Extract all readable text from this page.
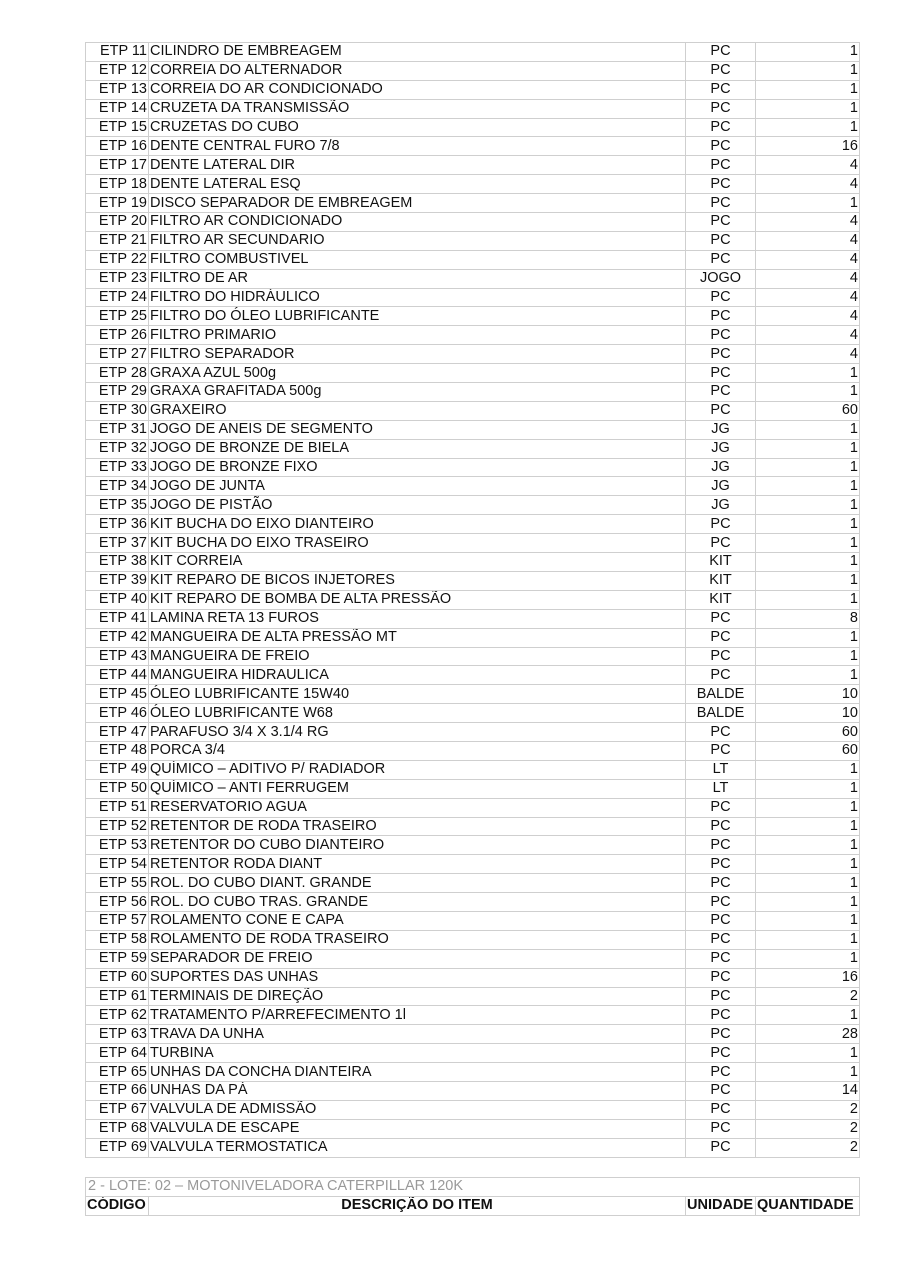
ETP 11	CILINDRO DE EMBREAGEM	PC	1
ETP 12	CORREIA DO ALTERNADOR	PC	1
ETP 13	CORREIA DO AR CONDICIONADO	PC	1
ETP 14	CRUZETA DA TRANSMISSÃO	PC	1
ETP 15	CRUZETAS DO CUBO	PC	1
ETP 16	DENTE CENTRAL FURO 7/8	PC	16
ETP 17	DENTE LATERAL DIR	PC	4
ETP 18	DENTE LATERAL ESQ	PC	4
ETP 19	DISCO SEPARADOR DE EMBREAGEM	PC	1
ETP 20	FILTRO AR CONDICIONADO	PC	4
ETP 21	FILTRO AR SECUNDARIO	PC	4
ETP 22	FILTRO COMBUSTIVEL	PC	4
ETP 23	FILTRO DE AR	JOGO	4
ETP 24	FILTRO DO HIDRÁULICO	PC	4
ETP 25	FILTRO DO ÓLEO LUBRIFICANTE	PC	4
ETP 26	FILTRO PRIMARIO	PC	4
ETP 27	FILTRO SEPARADOR	PC	4
ETP 28	GRAXA AZUL 500g	PC	1
ETP 29	GRAXA GRAFITADA 500g	PC	1
ETP 30	GRAXEIRO	PC	60
ETP 31	JOGO DE ANEIS DE SEGMENTO	JG	1
ETP 32	JOGO DE BRONZE DE BIELA	JG	1
ETP 33	JOGO DE BRONZE FIXO	JG	1
ETP 34	JOGO DE JUNTA	JG	1
ETP 35	JOGO DE PISTÃO	JG	1
ETP 36	KIT BUCHA DO EIXO DIANTEIRO	PC	1
ETP 37	KIT BUCHA DO EIXO TRASEIRO	PC	1
ETP 38	KIT CORREIA	KIT	1
ETP 39	KIT REPARO DE BICOS INJETORES	KIT	1
ETP 40	KIT REPARO DE BOMBA DE ALTA PRESSÃO	KIT	1
ETP 41	LAMINA RETA 13 FUROS	PC	8
ETP 42	MANGUEIRA DE ALTA PRESSÃO MT	PC	1
ETP 43	MANGUEIRA DE FREIO	PC	1
ETP 44	MANGUEIRA HIDRAULICA	PC	1
ETP 45	ÓLEO LUBRIFICANTE 15W40	BALDE	10
ETP 46	ÓLEO LUBRIFICANTE W68	BALDE	10
ETP 47	PARAFUSO 3/4 X 3.1/4 RG	PC	60
ETP 48	PORCA 3/4	PC	60
ETP 49	QUÍMICO – ADITIVO P/ RADIADOR	LT	1
ETP 50	QUÍMICO – ANTI FERRUGEM	LT	1
ETP 51	RESERVATORIO AGUA	PC	1
ETP 52	RETENTOR DE RODA TRASEIRO	PC	1
ETP 53	RETENTOR DO CUBO DIANTEIRO	PC	1
ETP 54	RETENTOR RODA DIANT	PC	1
ETP 55	ROL. DO CUBO DIANT. GRANDE	PC	1
ETP 56	ROL. DO CUBO TRAS. GRANDE	PC	1
ETP 57	ROLAMENTO CONE E CAPA	PC	1
ETP 58	ROLAMENTO DE RODA TRASEIRO	PC	1
ETP 59	SEPARADOR DE FREIO	PC	1
ETP 60	SUPORTES DAS UNHAS	PC	16
ETP 61	TERMINAIS DE DIREÇÃO	PC	2
ETP 62	TRATAMENTO P/ARREFECIMENTO 1l	PC	1
ETP 63	TRAVA DA UNHA	PC	28
ETP 64	TURBINA	PC	1
ETP 65	UNHAS DA CONCHA DIANTEIRA	PC	1
ETP 66	UNHAS DA PÁ	PC	14
ETP 67	VALVULA DE ADMISSÃO	PC	2
ETP 68	VALVULA DE ESCAPE	PC	2
ETP 69	VALVULA TERMOSTATICA	PC	2
2 - LOTE: 02 – MOTONIVELADORA CATERPILLAR 120K
CÓDIGO	DESCRIÇÃO DO ITEM	UNIDADE	QUANTIDADE
